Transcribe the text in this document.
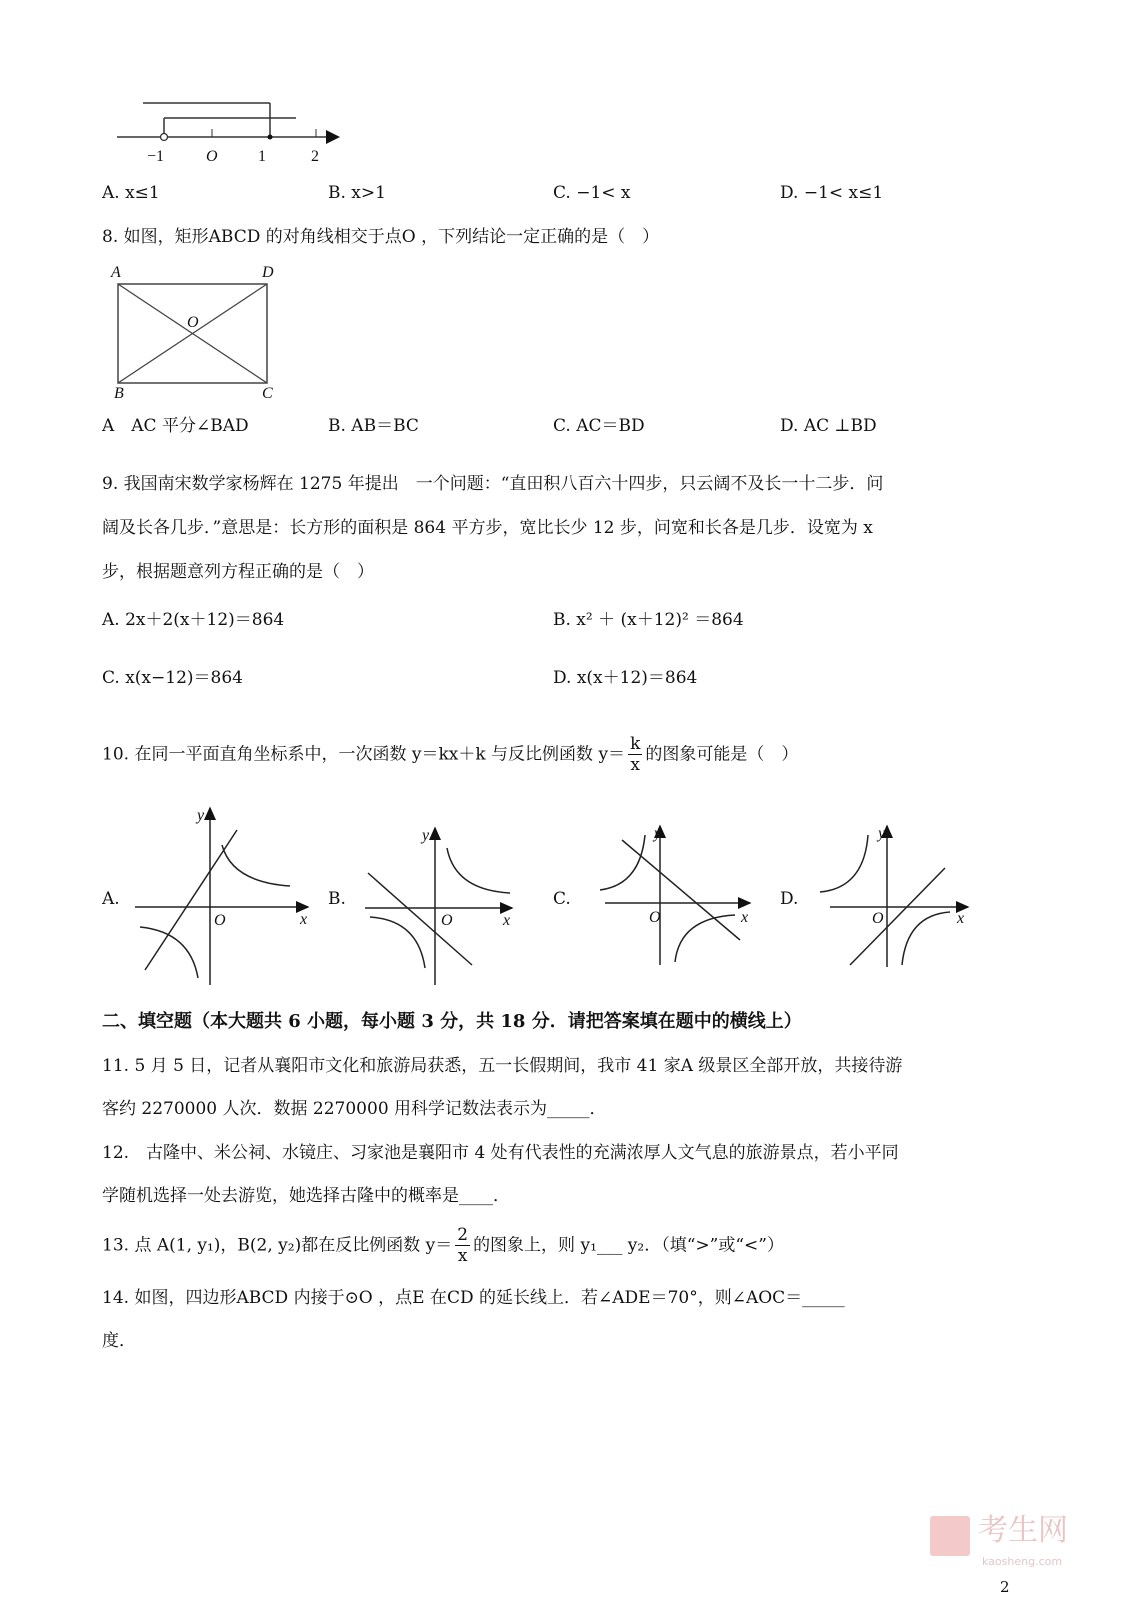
−1	O	1	2
A. x≤1	B. x>1	C. −1< x	D. −1< x≤1
8. 如图，矩形ABCD 的对角线相交于点O ，下列结论一定正确的是（　）
A	D
B	C
O
A　AC 平分∠BAD	B. AB＝BC	C. AC＝BD	D. AC ⊥BD
9. 我国南宋数学家杨辉在 1275 年提出　一个问题：“直田积八百六十四步，只云阔不及长一十二步．问
阔及长各几步．”意思是：长方形的面积是 864 平方步，宽比长少 12 步，问宽和长各是几步．设宽为 x
步，根据题意列方程正确的是（　）
A. 2x＋2(x＋12)＝864	B. x² ＋ (x＋12)² ＝864
C. x(x−12)＝864	D. x(x＋12)＝864
10. 在同一平面直角坐标系中，一次函数 y＝kx＋k 与反比例函数 $y= \frac{k}{x}$ 的图象可能是（　）
A.	B.	C.	D.
y
O	x
y
O	x
y
O	x
y
O	x
二、填空题（本大题共 6 小题，每小题 3 分，共 18 分．请把答案填在题中的横线上）
11. 5 月 5 日，记者从襄阳市文化和旅游局获悉，五一长假期间，我市 41 家A 级景区全部开放，共接待游
客约 2270000 人次．数据 2270000 用科学记数法表示为_____．
12.　古隆中、米公祠、水镜庄、习家池是襄阳市 4 处有代表性的充满浓厚人文气息的旅游景点，若小平同
学随机选择一处去游览，她选择古隆中的概率是____．
13. 点 A(1, y₁)，B(2, y₂)都在反比例函数 $y= \frac{2}{x}$ 的图象上，则 y₁___ y₂．（填“>”或“<”）
14. 如图，四边形ABCD 内接于⊙O ，点E 在CD 的延长线上．若∠ADE＝70°，则∠AOC＝_____
度．
考生网
kaosheng.com
2
